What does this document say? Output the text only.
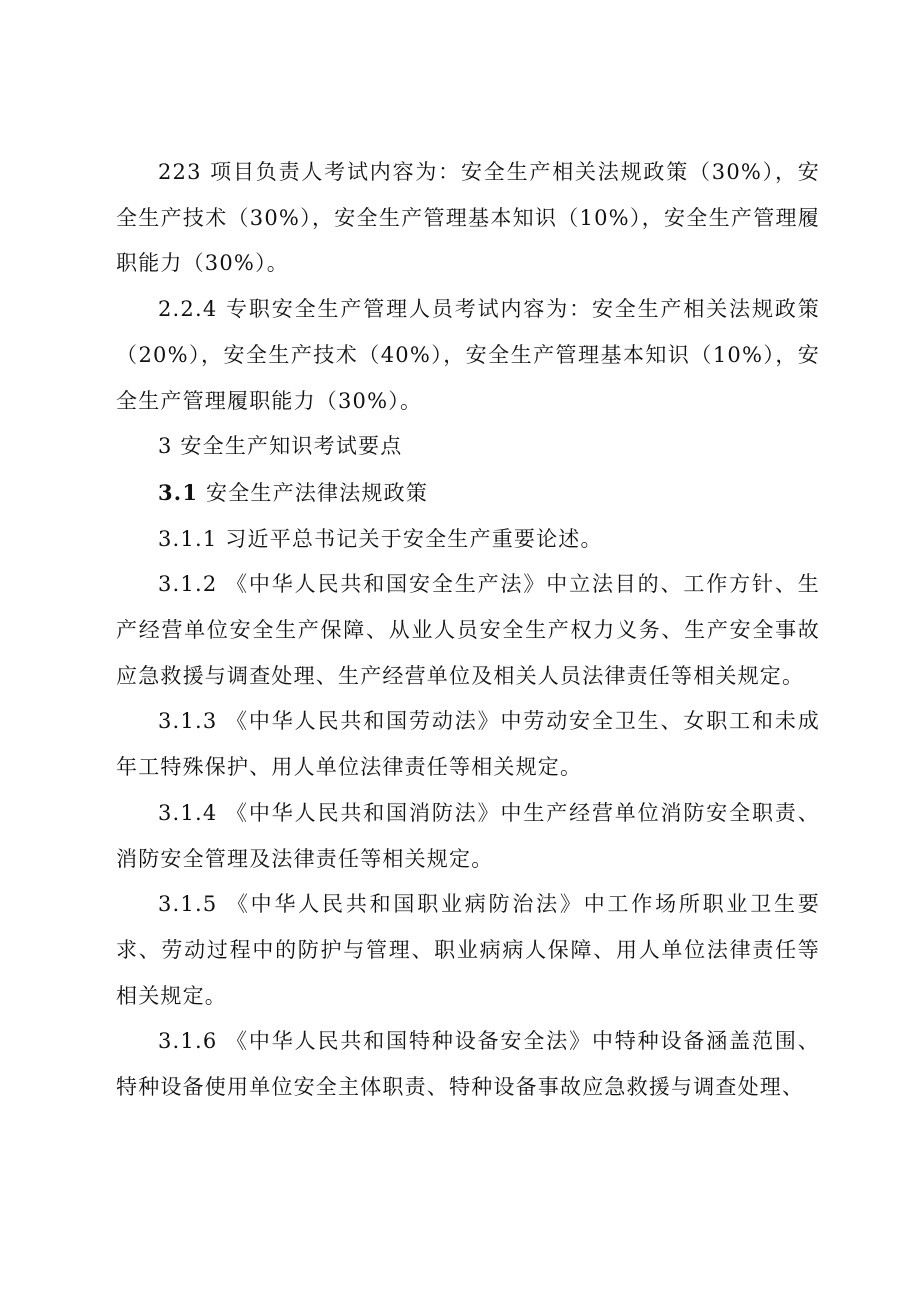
223 项目负责人考试内容为：安全生产相关法规政策（30%），安全生产技术（30%），安全生产管理基本知识（10%），安全生产管理履职能力（30%）。

2.2.4 专职安全生产管理人员考试内容为：安全生产相关法规政策（20%），安全生产技术（40%），安全生产管理基本知识（10%），安全生产管理履职能力（30%）。

3 安全生产知识考试要点

3.1 安全生产法律法规政策

3.1.1 习近平总书记关于安全生产重要论述。

3.1.2 《中华人民共和国安全生产法》中立法目的、工作方针、生产经营单位安全生产保障、从业人员安全生产权力义务、生产安全事故应急救援与调查处理、生产经营单位及相关人员法律责任等相关规定。

3.1.3 《中华人民共和国劳动法》中劳动安全卫生、女职工和未成年工特殊保护、用人单位法律责任等相关规定。

3.1.4 《中华人民共和国消防法》中生产经营单位消防安全职责、消防安全管理及法律责任等相关规定。

3.1.5 《中华人民共和国职业病防治法》中工作场所职业卫生要求、劳动过程中的防护与管理、职业病病人保障、用人单位法律责任等相关规定。

3.1.6 《中华人民共和国特种设备安全法》中特种设备涵盖范围、特种设备使用单位安全主体职责、特种设备事故应急救援与调查处理、
